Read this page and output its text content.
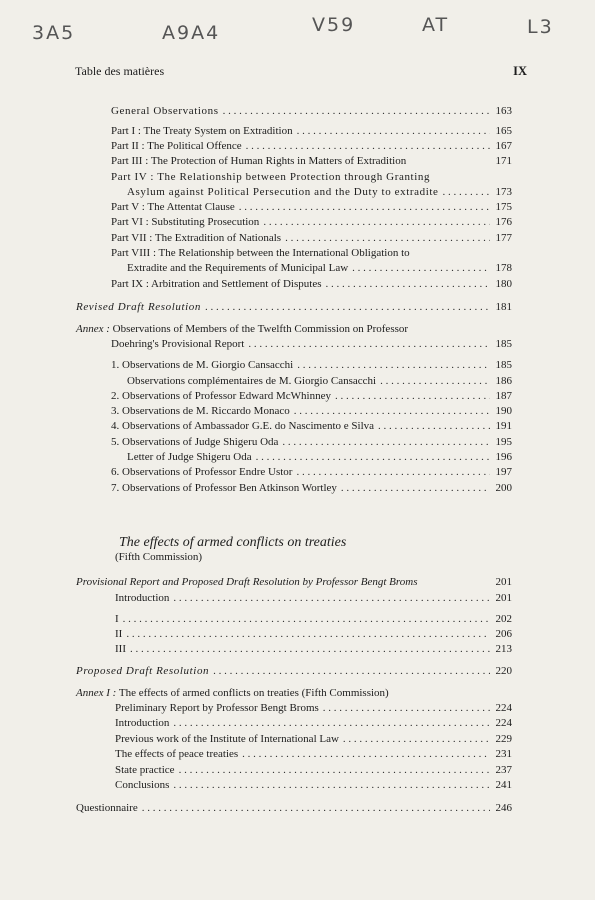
3A5	A9A4	V59	AT	L3
Table des matières	IX
General Observations . . .	163
Part I : The Treaty System on Extradition . . .	165
Part II : The Political Offence . . .	167
Part III : The Protection of Human Rights in Matters of Extradition	171
Part IV : The Relationship between Protection through Granting
Asylum against Political Persecution and the Duty to extradite . . .	173
Part V : The Attentat Clause . . .	175
Part VI : Substituting Prosecution . . .	176
Part VII : The Extradition of Nationals . . .	177
Part VIII : The Relationship between the International Obligation to
Extradite and the Requirements of Municipal Law . . .	178
Part IX : Arbitration and Settlement of Disputes . . .	180
Revised Draft Resolution . . .	181
Annex : Observations of Members of the Twelfth Commission on Professor
Doehring's Provisional Report . . .	185
1. Observations de M. Giorgio Cansacchi . . .	185
Observations complémentaires de M. Giorgio Cansacchi . . .	186
2. Observations of Professor Edward McWhinney . . .	187
3. Observations de M. Riccardo Monaco . . .	190
4. Observations of Ambassador G.E. do Nascimento e Silva . . .	191
5. Observations of Judge Shigeru Oda . . .	195
Letter of Judge Shigeru Oda . . .	196
6. Observations of Professor Endre Ustor . . .	197
7. Observations of Professor Ben Atkinson Wortley . . .	200
The effects of armed conflicts on treaties
(Fifth Commission)
Provisional Report and Proposed Draft Resolution by Professor Bengt Broms	201
Introduction . . .	201
I . . .	202
II . . .	206
III . . .	213
Proposed Draft Resolution . . .	220
Annex I : The effects of armed conflicts on treaties (Fifth Commission)
Preliminary Report by Professor Bengt Broms . . .	224
Introduction . . .	224
Previous work of the Institute of International Law . . .	229
The effects of peace treaties . . .	231
State practice . . .	237
Conclusions . . .	241
Questionnaire . . .	246
